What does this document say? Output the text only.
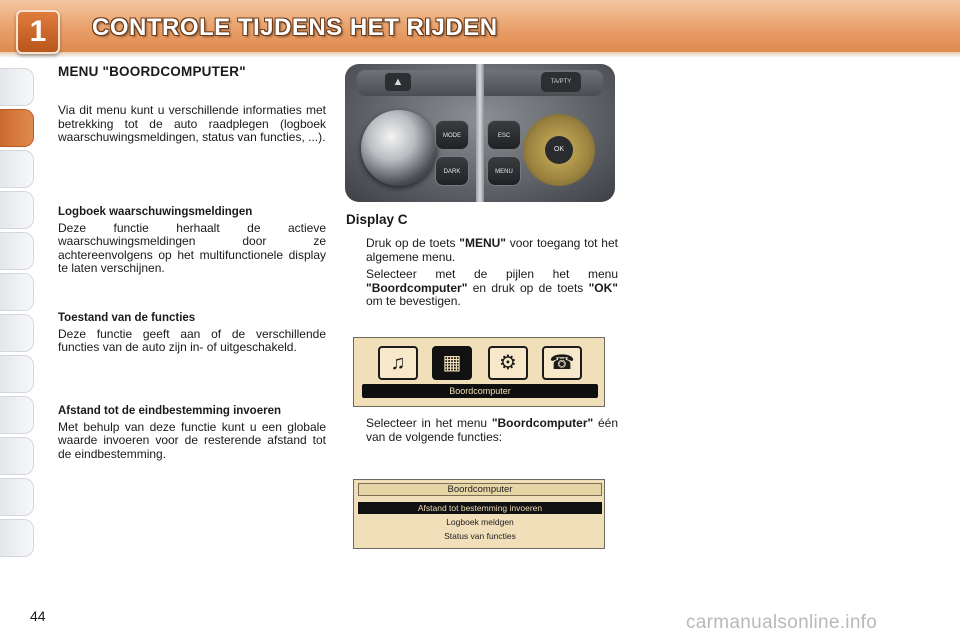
1	CONTROLE TIJDENS HET RIJDEN
MENU "BOORDCOMPUTER"

Via dit menu kunt u verschillende informaties met betrekking tot de auto raadplegen (logboek waarschuwingsmeldingen, status van functies, ...).

Logboek waarschuwingsmeldingen

Deze functie herhaalt de actieve waarschuwingsmeldingen door ze achtereenvolgens op het multifunctionele display te laten verschijnen.

Toestand van de functies

Deze functie geeft aan of de verschillende functies van de auto zijn in- of uitgeschakeld.

Afstand tot de eindbestemming invoeren

Met behulp van deze functie kunt u een globale waarde invoeren voor de resterende afstand tot de eindbestemming.

▲	TA/PTY
MODE
DARK
ESC
MENU
OK
Display C
Druk op de toets "MENU" voor toegang tot het algemene menu.
Selecteer met de pijlen het menu "Boordcomputer" en druk op de toets "OK" om te bevestigen.
Selecteer in het menu "Boordcomputer" één van de volgende functies:
♫	▦	⚙	☎
Boordcomputer
Boordcomputer
Afstand tot bestemming invoeren
Logboek meldgen
Status van functies
44	carmanualsonline.info
